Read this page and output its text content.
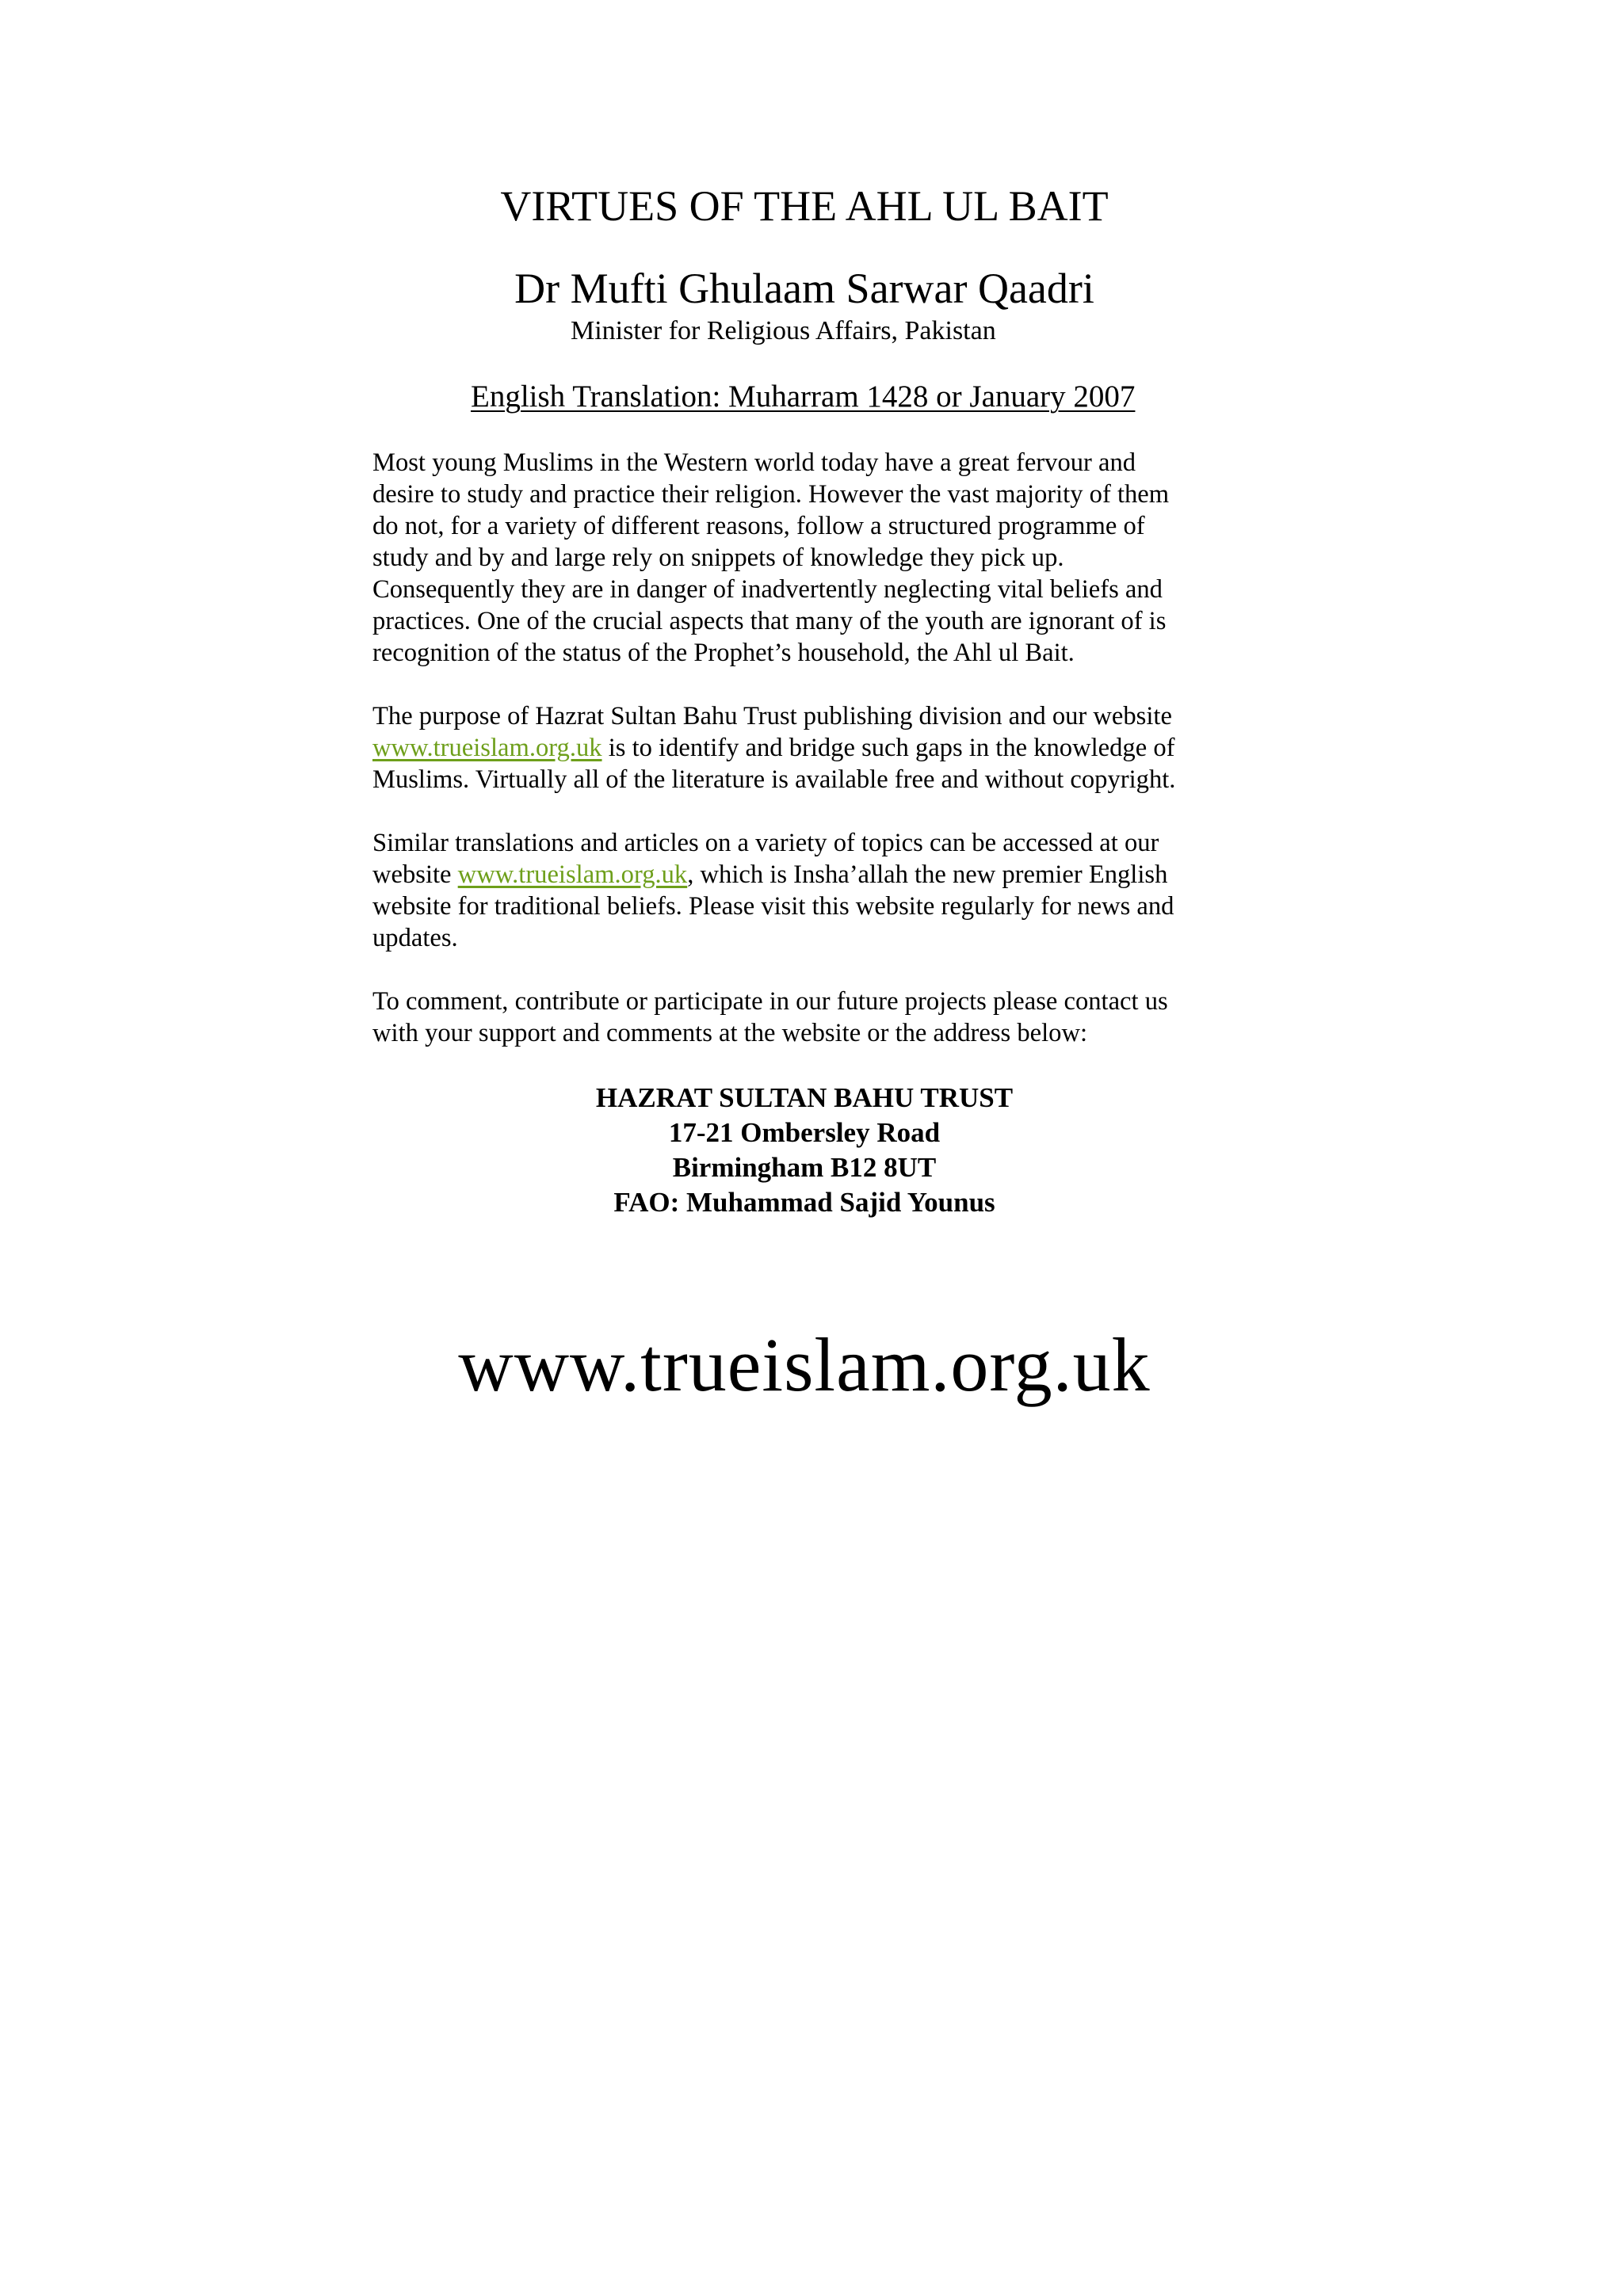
VIRTUES OF THE AHL UL BAIT
Dr Mufti Ghulaam Sarwar Qaadri
Minister for Religious Affairs, Pakistan
English Translation: Muharram 1428 or January 2007

Most young Muslims in the Western world today have a great fervour and
desire to study and practice their religion. However the vast majority of them
do not, for a variety of different reasons, follow a structured programme of
study and by and large rely on snippets of knowledge they pick up.
Consequently they are in danger of inadvertently neglecting vital beliefs and
practices. One of the crucial aspects that many of the youth are ignorant of is
recognition of the status of the Prophet’s household, the Ahl ul Bait.

The purpose of Hazrat Sultan Bahu Trust publishing division and our website
www.trueislam.org.uk is to identify and bridge such gaps in the knowledge of
Muslims. Virtually all of the literature is available free and without copyright.

Similar translations and articles on a variety of topics can be accessed at our
website www.trueislam.org.uk, which is Insha’allah the new premier English
website for traditional beliefs. Please visit this website regularly for news and
updates.

To comment, contribute or participate in our future projects please contact us
with your support and comments at the website or the address below:

HAZRAT SULTAN BAHU TRUST
17-21 Ombersley Road
Birmingham B12 8UT
FAO: Muhammad Sajid Younus
www.trueislam.org.uk
